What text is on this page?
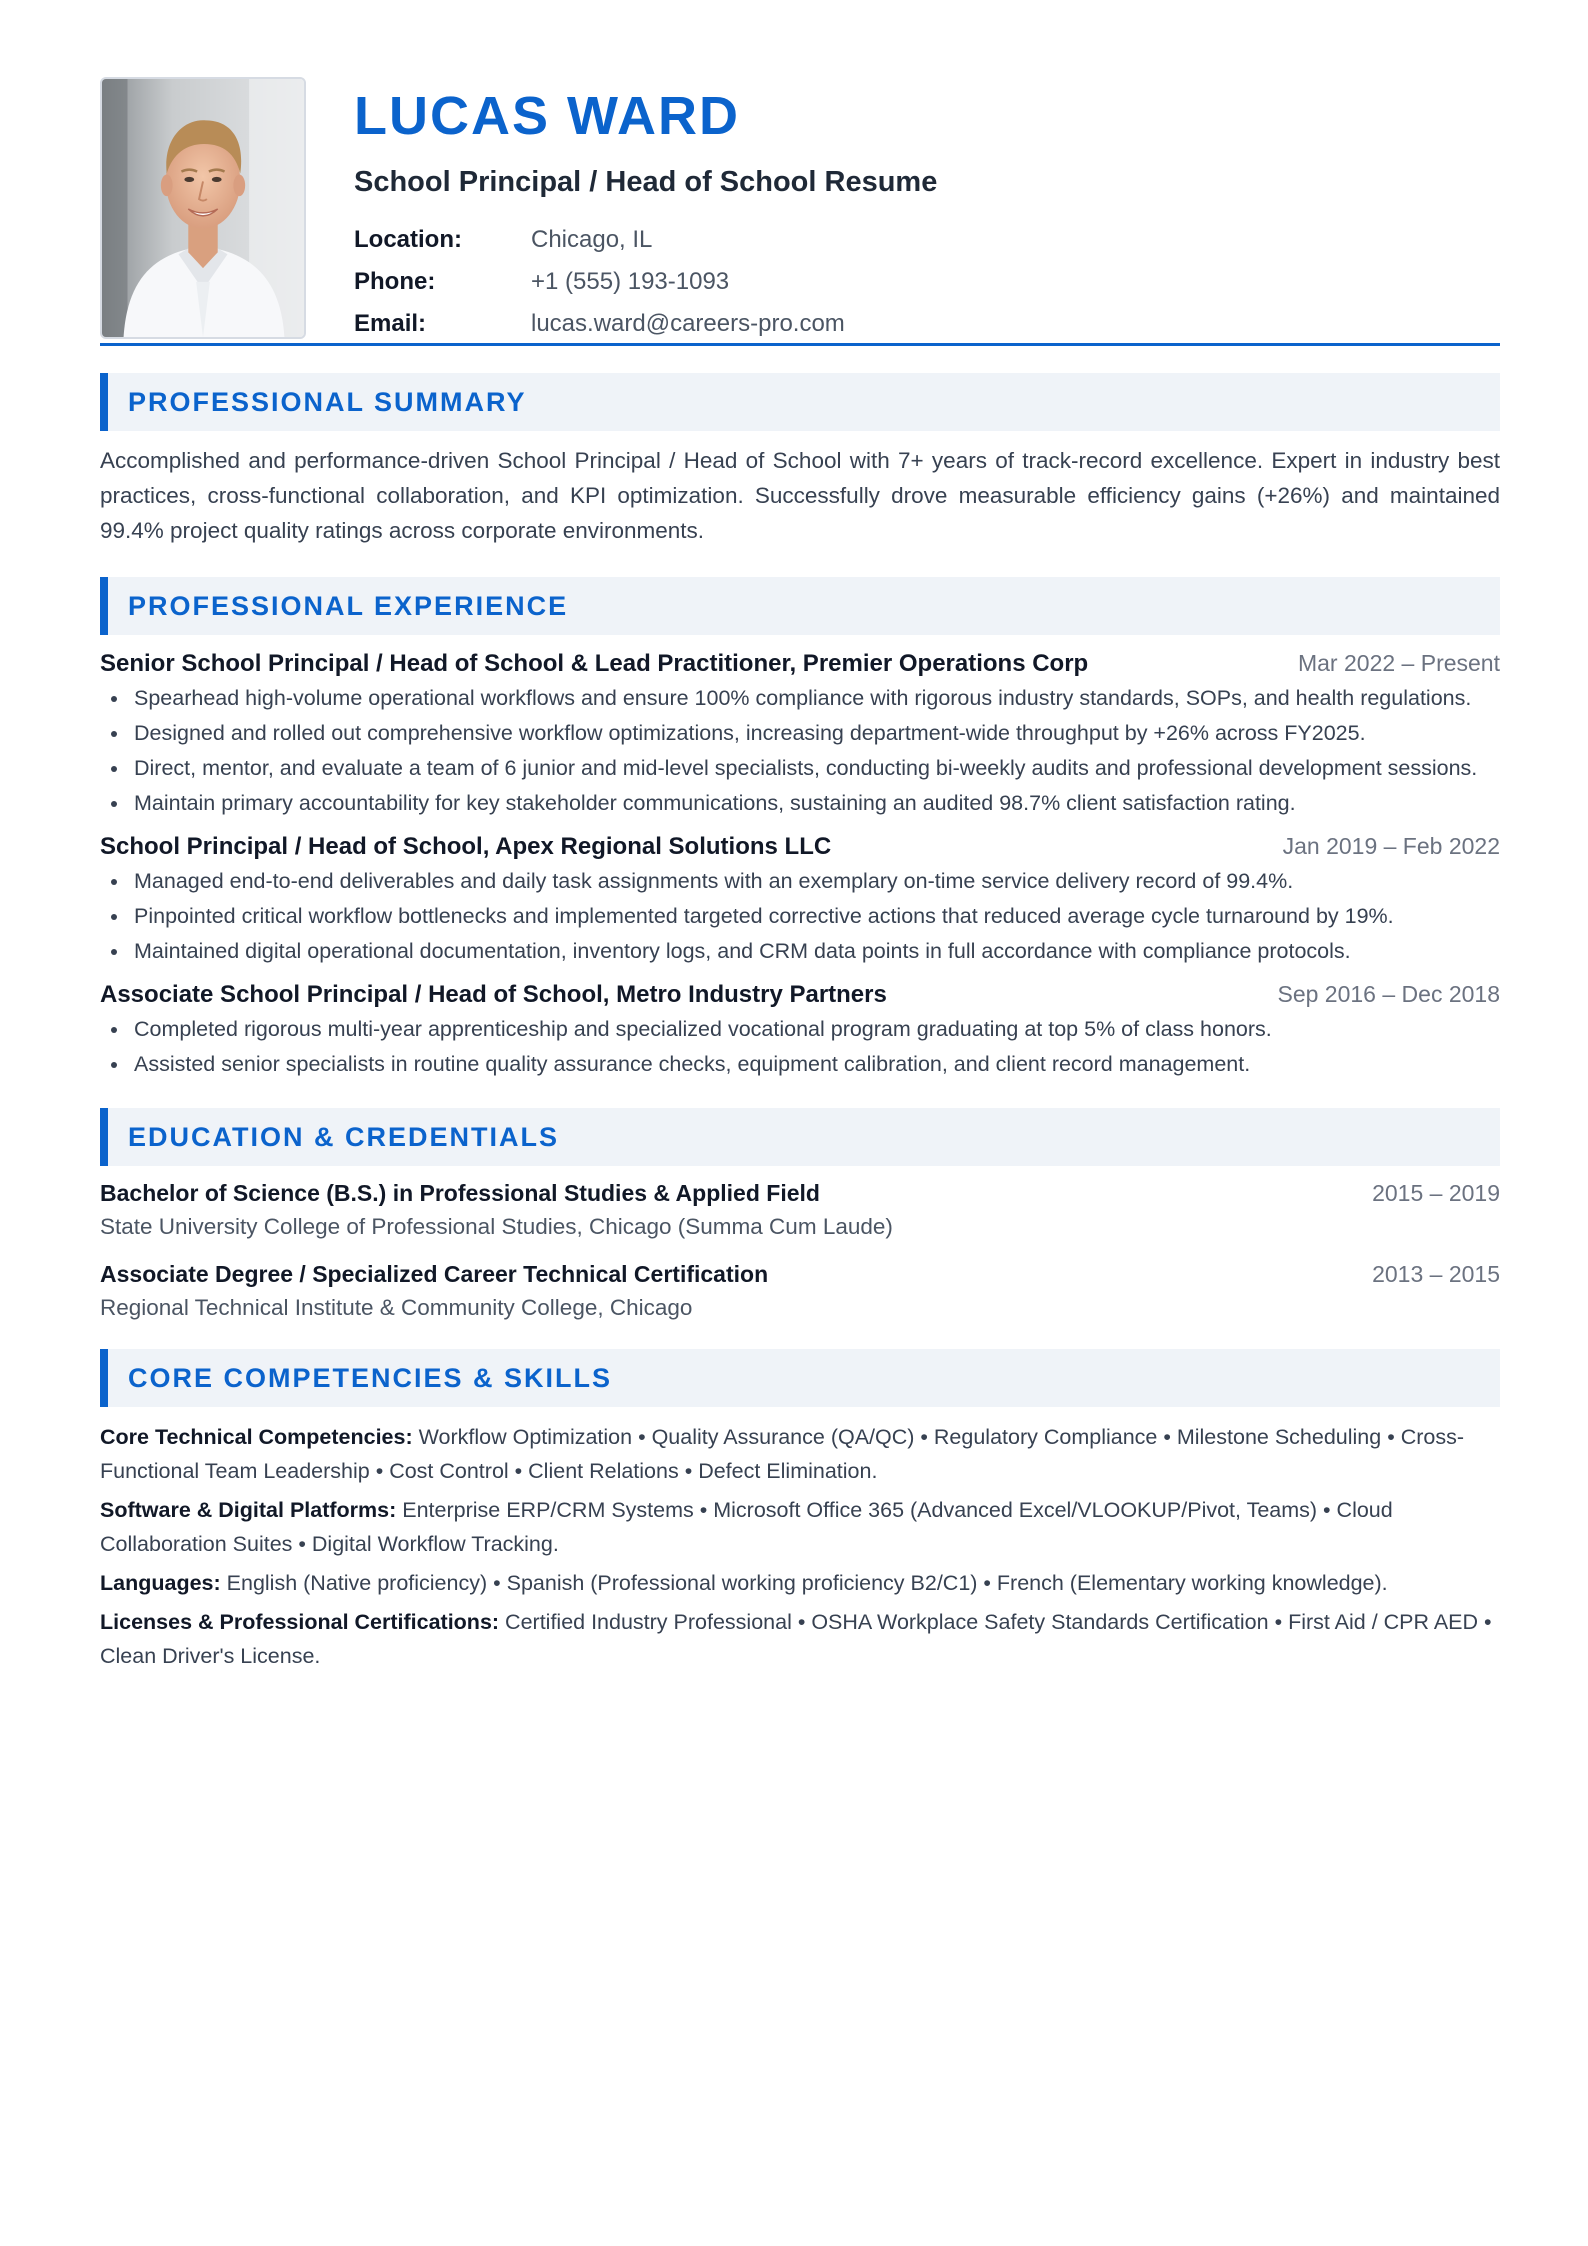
LUCAS WARD
School Principal / Head of School Resume
Location:	Chicago, IL
Phone:	+1 (555) 193-1093
Email:	lucas.ward@careers-pro.com
PROFESSIONAL SUMMARY
Accomplished and performance-driven School Principal / Head of School with 7+ years of track-record excellence. Expert in industry best practices, cross-functional collaboration, and KPI optimization. Successfully drove measurable efficiency gains (+26%) and maintained 99.4% project quality ratings across corporate environments.
PROFESSIONAL EXPERIENCE
Senior School Principal / Head of School & Lead Practitioner, Premier Operations Corp	Mar 2022 – Present
Spearhead high-volume operational workflows and ensure 100% compliance with rigorous industry standards, SOPs, and health regulations.
Designed and rolled out comprehensive workflow optimizations, increasing department-wide throughput by +26% across FY2025.
Direct, mentor, and evaluate a team of 6 junior and mid-level specialists, conducting bi-weekly audits and professional development sessions.
Maintain primary accountability for key stakeholder communications, sustaining an audited 98.7% client satisfaction rating.
School Principal / Head of School, Apex Regional Solutions LLC	Jan 2019 – Feb 2022
Managed end-to-end deliverables and daily task assignments with an exemplary on-time service delivery record of 99.4%.
Pinpointed critical workflow bottlenecks and implemented targeted corrective actions that reduced average cycle turnaround by 19%.
Maintained digital operational documentation, inventory logs, and CRM data points in full accordance with compliance protocols.
Associate School Principal / Head of School, Metro Industry Partners	Sep 2016 – Dec 2018
Completed rigorous multi-year apprenticeship and specialized vocational program graduating at top 5% of class honors.
Assisted senior specialists in routine quality assurance checks, equipment calibration, and client record management.
EDUCATION & CREDENTIALS
Bachelor of Science (B.S.) in Professional Studies & Applied Field	2015 – 2019
State University College of Professional Studies, Chicago (Summa Cum Laude)
Associate Degree / Specialized Career Technical Certification	2013 – 2015
Regional Technical Institute & Community College, Chicago
CORE COMPETENCIES & SKILLS
Core Technical Competencies: Workflow Optimization • Quality Assurance (QA/QC) • Regulatory Compliance • Milestone Scheduling • Cross-Functional Team Leadership • Cost Control • Client Relations • Defect Elimination.
Software & Digital Platforms: Enterprise ERP/CRM Systems • Microsoft Office 365 (Advanced Excel/VLOOKUP/Pivot, Teams) • Cloud Collaboration Suites • Digital Workflow Tracking.
Languages: English (Native proficiency) • Spanish (Professional working proficiency B2/C1) • French (Elementary working knowledge).
Licenses & Professional Certifications: Certified Industry Professional • OSHA Workplace Safety Standards Certification • First Aid / CPR AED • Clean Driver's License.
